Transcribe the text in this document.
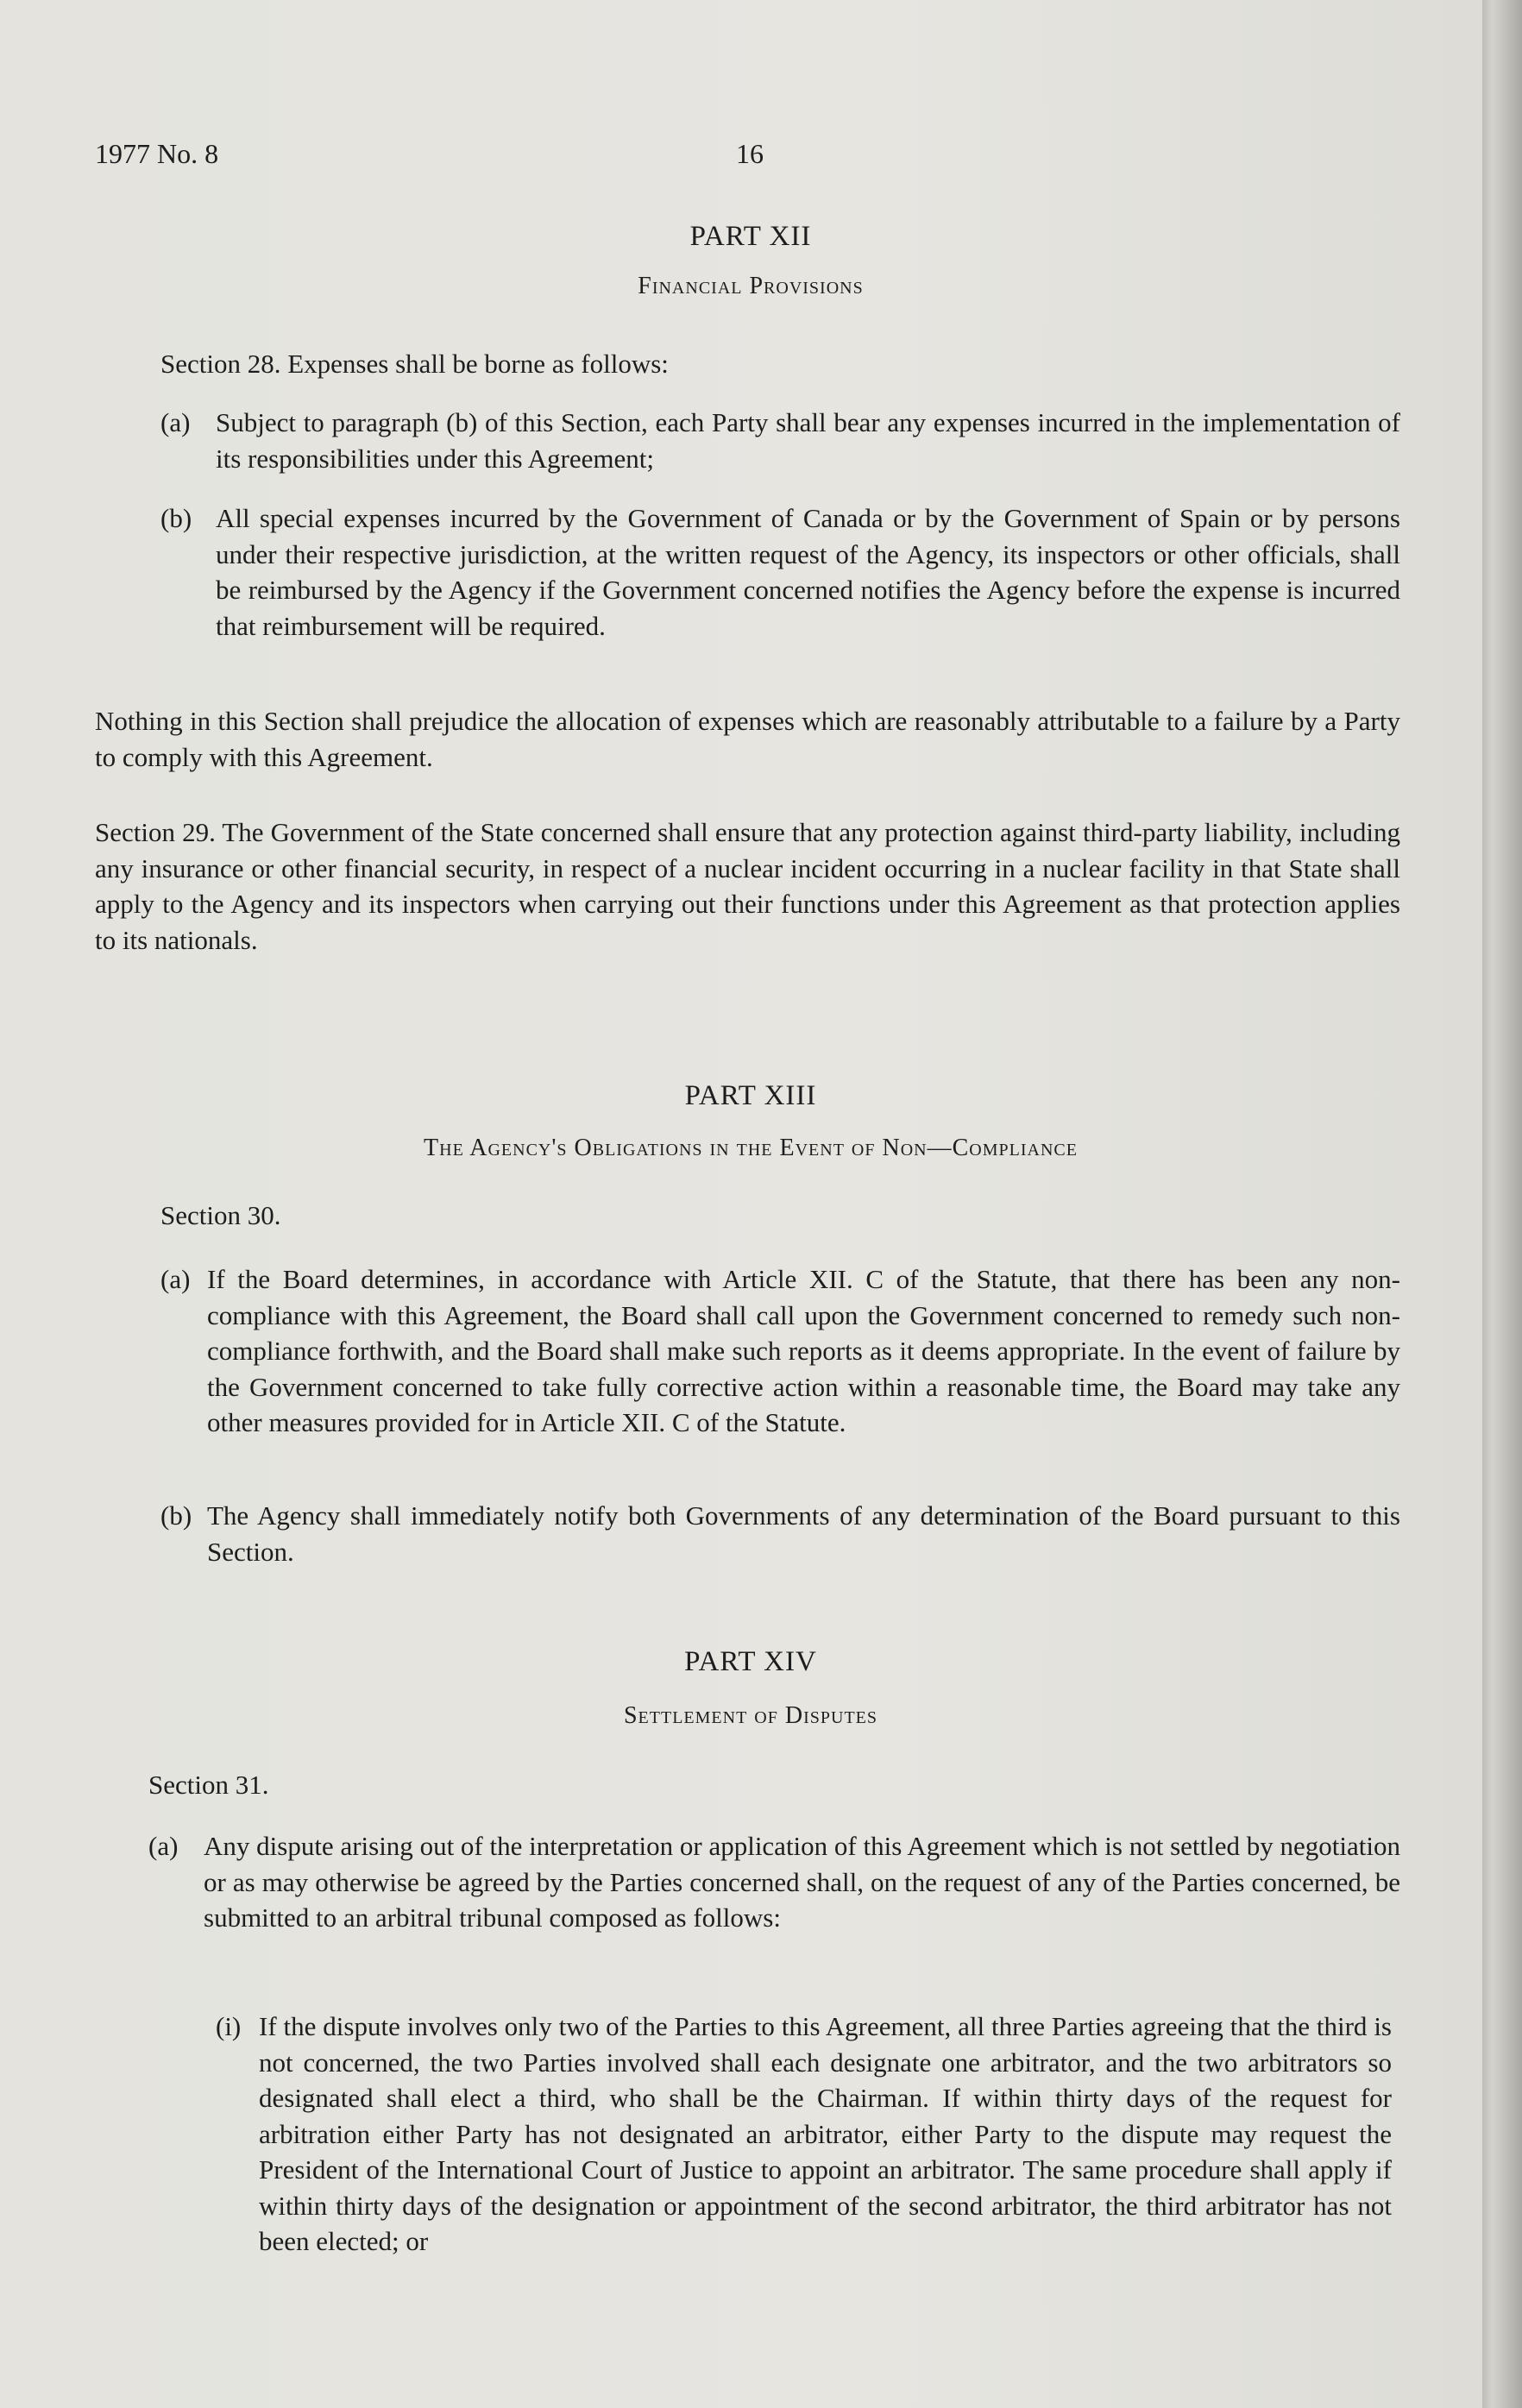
1977 No. 8	16
PART XII
Financial Provisions
Section 28. Expenses shall be borne as follows:
(a) Subject to paragraph (b) of this Section, each Party shall bear any expenses incurred in the implementation of its responsibilities under this Agreement;
(b) All special expenses incurred by the Government of Canada or by the Government of Spain or by persons under their respective jurisdiction, at the written request of the Agency, its inspectors or other officials, shall be reimbursed by the Agency if the Government concerned notifies the Agency before the expense is incurred that reimbursement will be required.
Nothing in this Section shall prejudice the allocation of expenses which are reasonably attributable to a failure by a Party to comply with this Agreement.
Section 29. The Government of the State concerned shall ensure that any protection against third-party liability, including any insurance or other financial security, in respect of a nuclear incident occurring in a nuclear facility in that State shall apply to the Agency and its inspectors when carrying out their functions under this Agreement as that protection applies to its nationals.
PART XIII
The Agency's Obligations in the Event of Non—Compliance
Section 30.
(a) If the Board determines, in accordance with Article XII. C of the Statute, that there has been any non-compliance with this Agreement, the Board shall call upon the Government concerned to remedy such non-compliance forthwith, and the Board shall make such reports as it deems appropriate. In the event of failure by the Government concerned to take fully corrective action within a reasonable time, the Board may take any other measures provided for in Article XII. C of the Statute.
(b) The Agency shall immediately notify both Governments of any determination of the Board pursuant to this Section.
PART XIV
Settlement of Disputes
Section 31.
(a) Any dispute arising out of the interpretation or application of this Agreement which is not settled by negotiation or as may otherwise be agreed by the Parties concerned shall, on the request of any of the Parties concerned, be submitted to an arbitral tribunal composed as follows:
(i) If the dispute involves only two of the Parties to this Agreement, all three Parties agreeing that the third is not concerned, the two Parties involved shall each designate one arbitrator, and the two arbitrators so designated shall elect a third, who shall be the Chairman. If within thirty days of the request for arbitration either Party has not designated an arbitrator, either Party to the dispute may request the President of the International Court of Justice to appoint an arbitrator. The same procedure shall apply if within thirty days of the designation or appointment of the second arbitrator, the third arbitrator has not been elected; or
